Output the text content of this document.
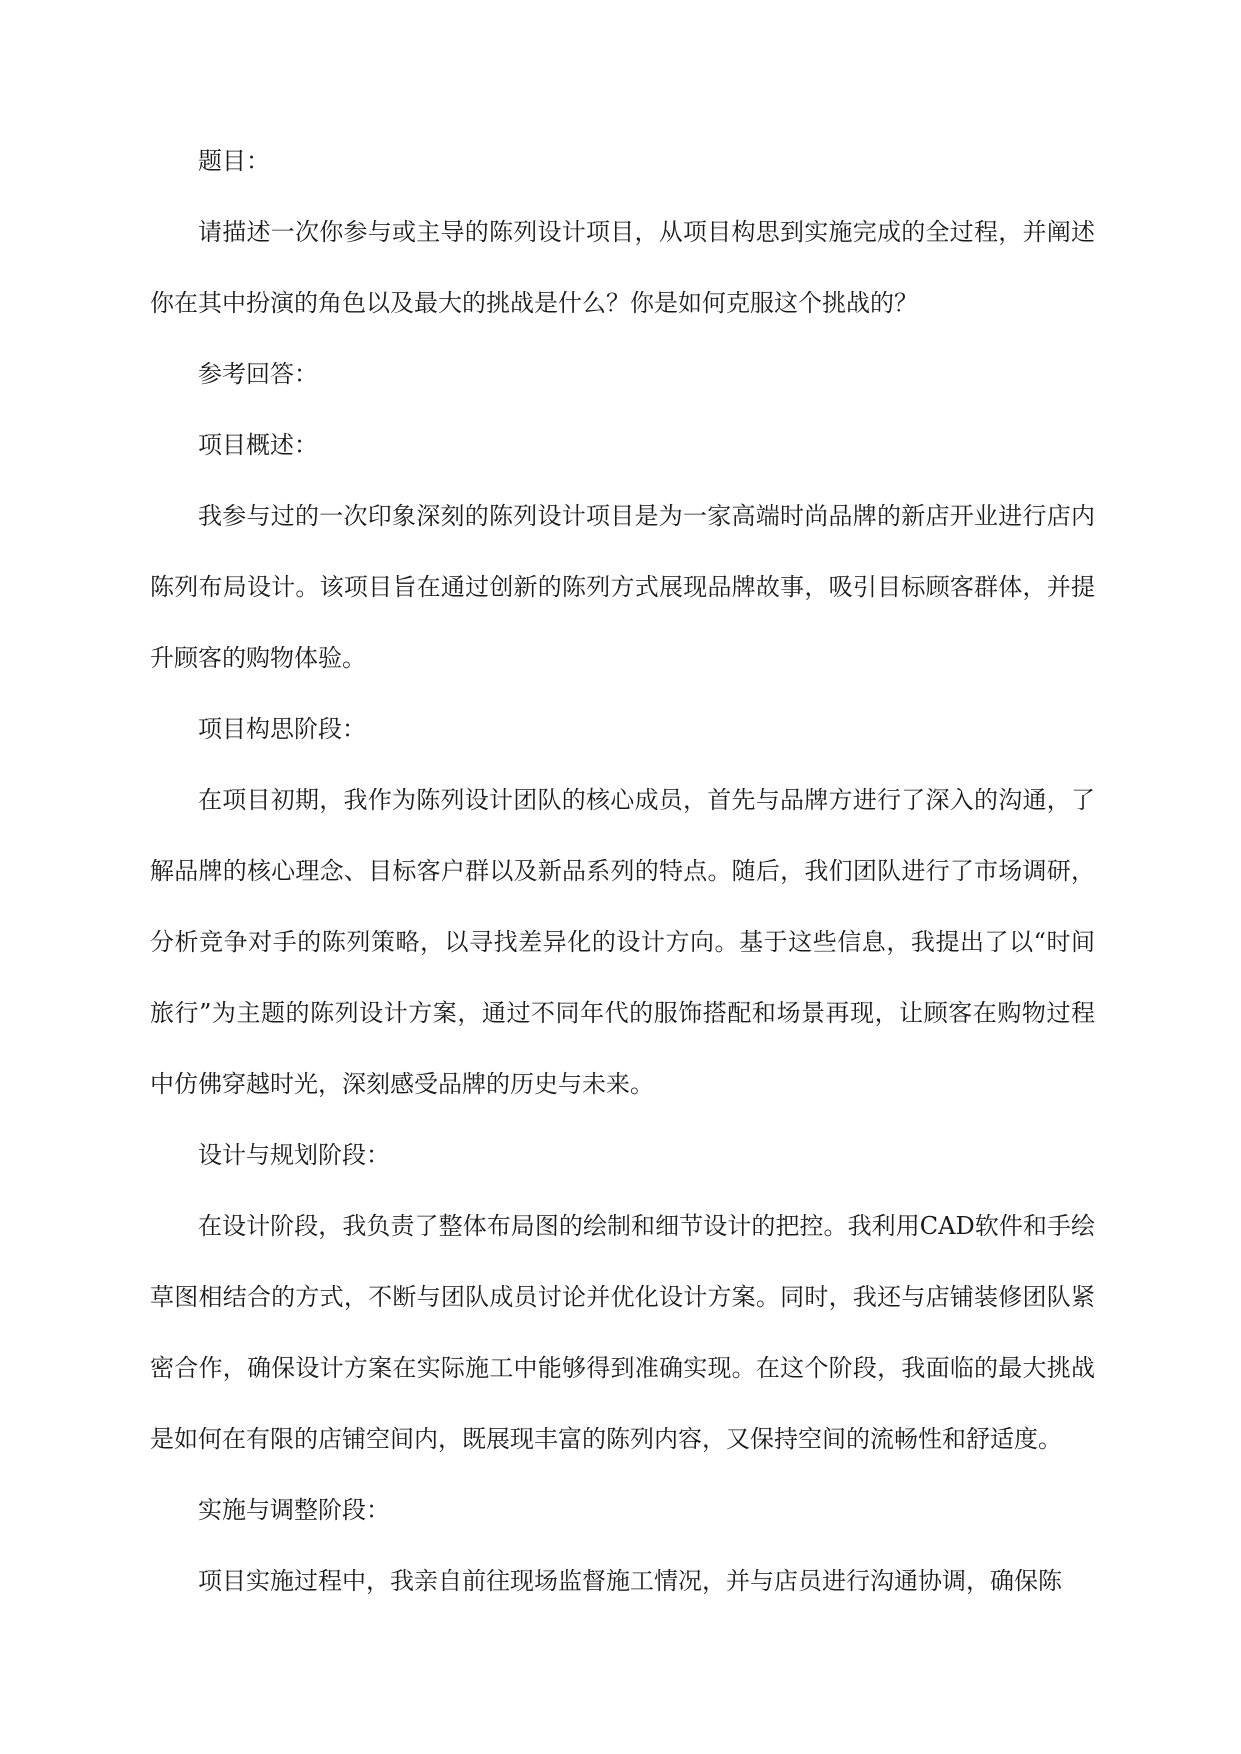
题目：

请描述一次你参与或主导的陈列设计项目，从项目构思到实施完成的全过程，并阐述你在其中扮演的角色以及最大的挑战是什么？你是如何克服这个挑战的？

参考回答：

项目概述：

我参与过的一次印象深刻的陈列设计项目是为一家高端时尚品牌的新店开业进行店内陈列布局设计。该项目旨在通过创新的陈列方式展现品牌故事，吸引目标顾客群体，并提升顾客的购物体验。

项目构思阶段：

在项目初期，我作为陈列设计团队的核心成员，首先与品牌方进行了深入的沟通，了解品牌的核心理念、目标客户群以及新品系列的特点。随后，我们团队进行了市场调研，分析竞争对手的陈列策略，以寻找差异化的设计方向。基于这些信息，我提出了以“时间旅行”为主题的陈列设计方案，通过不同年代的服饰搭配和场景再现，让顾客在购物过程中仿佛穿越时光，深刻感受品牌的历史与未来。

设计与规划阶段：

在设计阶段，我负责了整体布局图的绘制和细节设计的把控。我利用CAD软件和手绘草图相结合的方式，不断与团队成员讨论并优化设计方案。同时，我还与店铺装修团队紧密合作，确保设计方案在实际施工中能够得到准确实现。在这个阶段，我面临的最大挑战是如何在有限的店铺空间内，既展现丰富的陈列内容，又保持空间的流畅性和舒适度。

实施与调整阶段：

项目实施过程中，我亲自前往现场监督施工情况，并与店员进行沟通协调，确保陈
